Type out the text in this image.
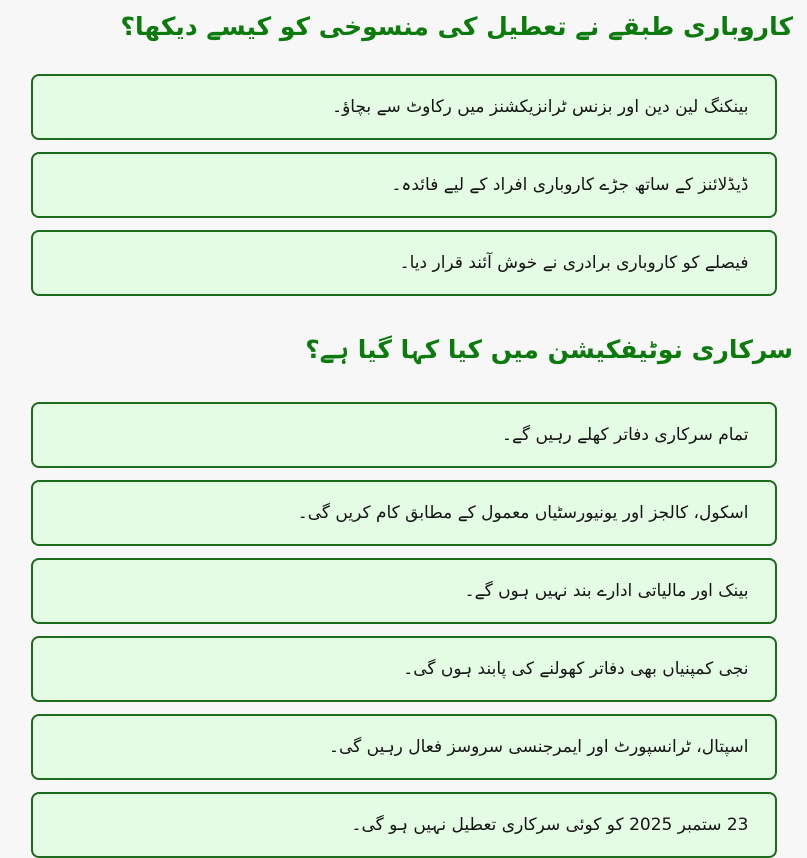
کاروباری طبقے نے تعطیل کی منسوخی کو کیسے دیکھا؟
بینکنگ لین دین اور بزنس ٹرانزیکشنز میں رکاوٹ سے بچاؤ۔
ڈیڈلائنز کے ساتھ جڑے کاروباری افراد کے لیے فائدہ۔
فیصلے کو کاروباری برادری نے خوش آئند قرار دیا۔
سرکاری نوٹیفکیشن میں کیا کہا گیا ہے؟
تمام سرکاری دفاتر کھلے رہیں گے۔
اسکول، کالجز اور یونیورسٹیاں معمول کے مطابق کام کریں گی۔
بینک اور مالیاتی ادارے بند نہیں ہوں گے۔
نجی کمپنیاں بھی دفاتر کھولنے کی پابند ہوں گی۔
اسپتال، ٹرانسپورٹ اور ایمرجنسی سروسز فعال رہیں گی۔
23 ستمبر 2025 کو کوئی سرکاری تعطیل نہیں ہو گی۔
